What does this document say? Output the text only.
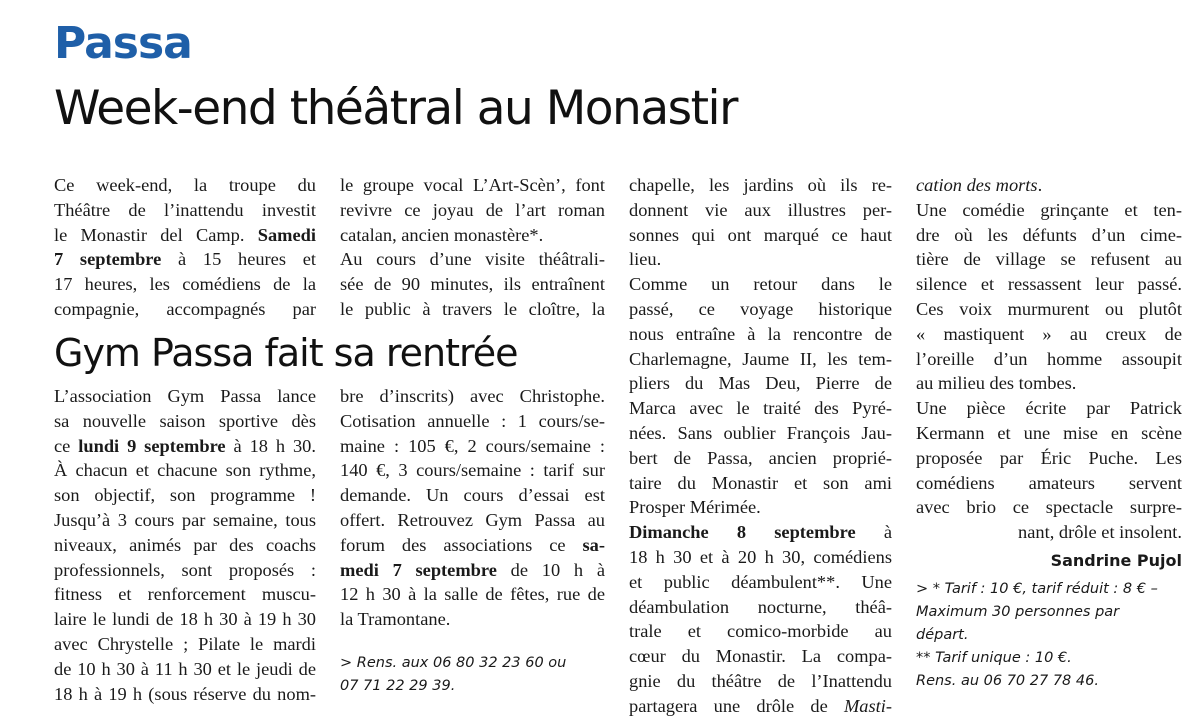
Passa
Week-end théâtral au Monastir
Ce week-end, la troupe du
Théâtre de l’inattendu investit
le Monastir del Camp. Samedi
7 septembre à 15 heures et
17 heures, les comédiens de la
compagnie, accompagnés par
le groupe vocal L’Art-Scèn’, font
revivre ce joyau de l’art roman
catalan, ancien monastère*.
Au cours d’une visite théâtrali-
sée de 90 minutes, ils entraînent
le public à travers le cloître, la
Gym Passa fait sa rentrée
L’association Gym Passa lance
sa nouvelle saison sportive dès
ce lundi 9 septembre à 18 h 30.
À chacun et chacune son rythme,
son objectif, son programme !
Jusqu’à 3 cours par semaine, tous
niveaux, animés par des coachs
professionnels, sont proposés :
fitness et renforcement muscu-
laire le lundi de 18 h 30 à 19 h 30
avec Chrystelle ; Pilate le mardi
de 10 h 30 à 11 h 30 et le jeudi de
18 h à 19 h (sous réserve du nom-
bre d’inscrits) avec Christophe.
Cotisation annuelle : 1 cours/se-
maine : 105 €, 2 cours/semaine :
140 €, 3 cours/semaine : tarif sur
demande. Un cours d’essai est
offert. Retrouvez Gym Passa au
forum des associations ce sa-
medi 7 septembre de 10 h à
12 h 30 à la salle de fêtes, rue de
la Tramontane.
> Rens. aux 06 80 32 23 60 ou
07 71 22 29 39.
chapelle, les jardins où ils re-
donnent vie aux illustres per-
sonnes qui ont marqué ce haut
lieu.
Comme un retour dans le
passé, ce voyage historique
nous entraîne à la rencontre de
Charlemagne, Jaume II, les tem-
pliers du Mas Deu, Pierre de
Marca avec le traité des Pyré-
nées. Sans oublier François Jau-
bert de Passa, ancien proprié-
taire du Monastir et son ami
Prosper Mérimée.
Dimanche 8 septembre à
18 h 30 et à 20 h 30, comédiens
et public déambulent**. Une
déambulation nocturne, théâ-
trale et comico-morbide au
cœur du Monastir. La compa-
gnie du théâtre de l’Inattendu
partagera une drôle de Masti-
cation des morts.
Une comédie grinçante et ten-
dre où les défunts d’un cime-
tière de village se refusent au
silence et ressassent leur passé.
Ces voix murmurent ou plutôt
« mastiquent » au creux de
l’oreille d’un homme assoupit
au milieu des tombes.
Une pièce écrite par Patrick
Kermann et une mise en scène
proposée par Éric Puche. Les
comédiens amateurs servent
avec brio ce spectacle surpre-
nant, drôle et insolent.
Sandrine Pujol
> * Tarif : 10 €, tarif réduit : 8 € –
Maximum 30 personnes par
départ.
** Tarif unique : 10 €.
Rens. au 06 70 27 78 46.
